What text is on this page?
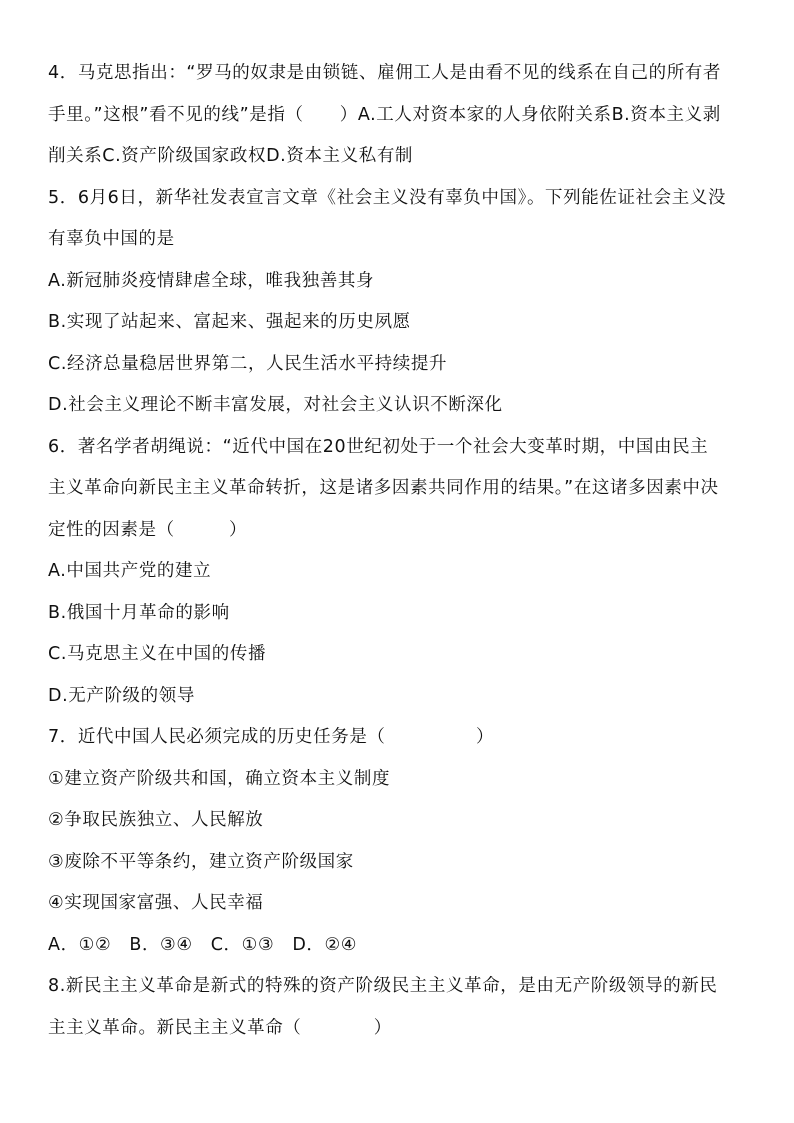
4．马克思指出：“罗马的奴隶是由锁链、雇佣工人是由看不见的线系在自己的所有者
手里。”这根”看不见的线”是指（　　）A.工人对资本家的人身依附关系B.资本主义剥
削关系C.资产阶级国家政权D.资本主义私有制
5．6月6日，新华社发表宣言文章《社会主义没有辜负中国》。下列能佐证社会主义没
有辜负中国的是
A.新冠肺炎疫情肆虐全球，唯我独善其身
B.实现了站起来、富起来、强起来的历史夙愿
C.经济总量稳居世界第二，人民生活水平持续提升
D.社会主义理论不断丰富发展，对社会主义认识不断深化
6．著名学者胡绳说：“近代中国在20世纪初处于一个社会大变革时期，中国由民主
主义革命向新民主主义革命转折，这是诸多因素共同作用的结果。”在这诸多因素中决
定性的因素是（　　　）
A.中国共产党的建立
B.俄国十月革命的影响
C.马克思主义在中国的传播
D.无产阶级的领导
7．近代中国人民必须完成的历史任务是（　　　　　）
①建立资产阶级共和国，确立资本主义制度
②争取民族独立、人民解放
③废除不平等条约，建立资产阶级国家
④实现国家富强、人民幸福
A．①②　B．③④　C．①③　D．②④
8.新民主主义革命是新式的特殊的资产阶级民主主义革命，是由无产阶级领导的新民
主主义革命。新民主主义革命（　　　　）
